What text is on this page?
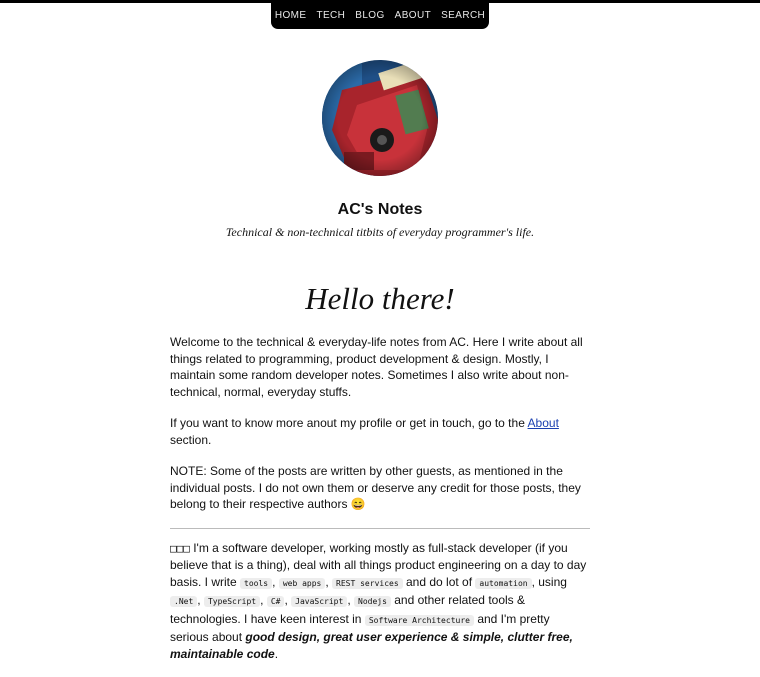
HOME	TECH	BLOG	ABOUT	SEARCH
AC's Notes
Technical & non-technical titbits of everyday programmer's life.
Hello there!

Welcome to the technical & everyday-life notes from AC. Here I write about all things related to programming, product development & design. Mostly, I maintain some random developer notes. Sometimes I also write about non-technical, normal, everyday stuffs.

If you want to know more anout my profile or get in touch, go to the About section.

NOTE: Some of the posts are written by other guests, as mentioned in the individual posts. I do not own them or deserve any credit for those posts, they belong to their respective authors 😄

□□□ I'm a software developer, working mostly as full-stack developer (if you believe that is a thing), deal with all things product engineering on a day to day basis. I write tools , web apps , REST services and do lot of automation , using .Net , TypeScript , C# , JavaScript , Nodejs and other related tools & technologies. I have keen interest in Software Architecture and I'm pretty serious about good design, great user experience & simple, clutter free, maintainable code.
